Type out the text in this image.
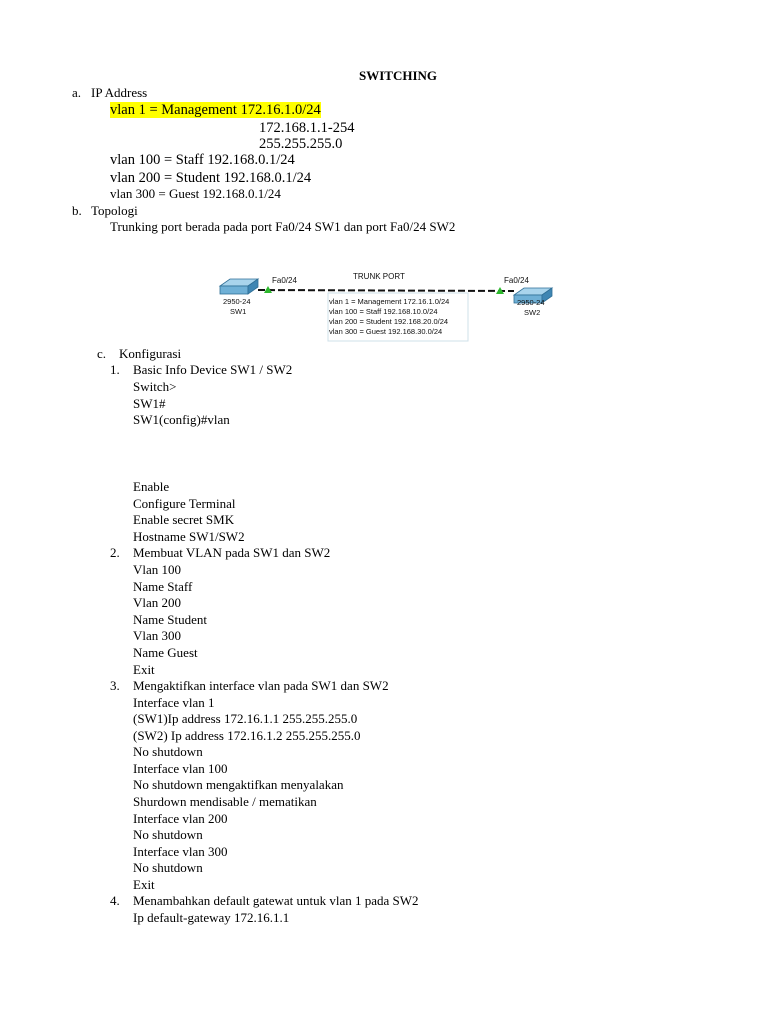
SWITCHING
a. IP Address
vlan 1 = Management 172.16.1.0/24
172.168.1.1-254
255.255.255.0
vlan 100 = Staff 192.168.0.1/24
vlan 200 = Student 192.168.0.1/24
vlan 300 = Guest 192.168.0.1/24
b. Topologi
Trunking port berada pada port Fa0/24 SW1 dan port Fa0/24 SW2
Fa0/24	TRUNK PORT	Fa0/24
2950-24
SW1
2950-24
SW2
vlan 1 = Management 172.16.1.0/24
vlan 100 = Staff 192.168.10.0/24
vlan 200 = Student 192.168.20.0/24
vlan 300 = Guest 192.168.30.0/24
c. Konfigurasi
1. Basic Info Device SW1 / SW2
Switch>
SW1#
SW1(config)#vlan
Enable
Configure Terminal
Enable secret SMK
Hostname SW1/SW2
2. Membuat VLAN pada SW1 dan SW2
Vlan 100
Name Staff
Vlan 200
Name Student
Vlan 300
Name Guest
Exit
3. Mengaktifkan interface vlan pada SW1 dan SW2
Interface vlan 1
(SW1)Ip address 172.16.1.1 255.255.255.0
(SW2) Ip address 172.16.1.2 255.255.255.0
No shutdown
Interface vlan 100
No shutdown mengaktifkan menyalakan
Shurdown mendisable / mematikan
Interface vlan 200
No shutdown
Interface vlan 300
No shutdown
Exit
4. Menambahkan default gatewat untuk vlan 1 pada SW2
Ip default-gateway 172.16.1.1
